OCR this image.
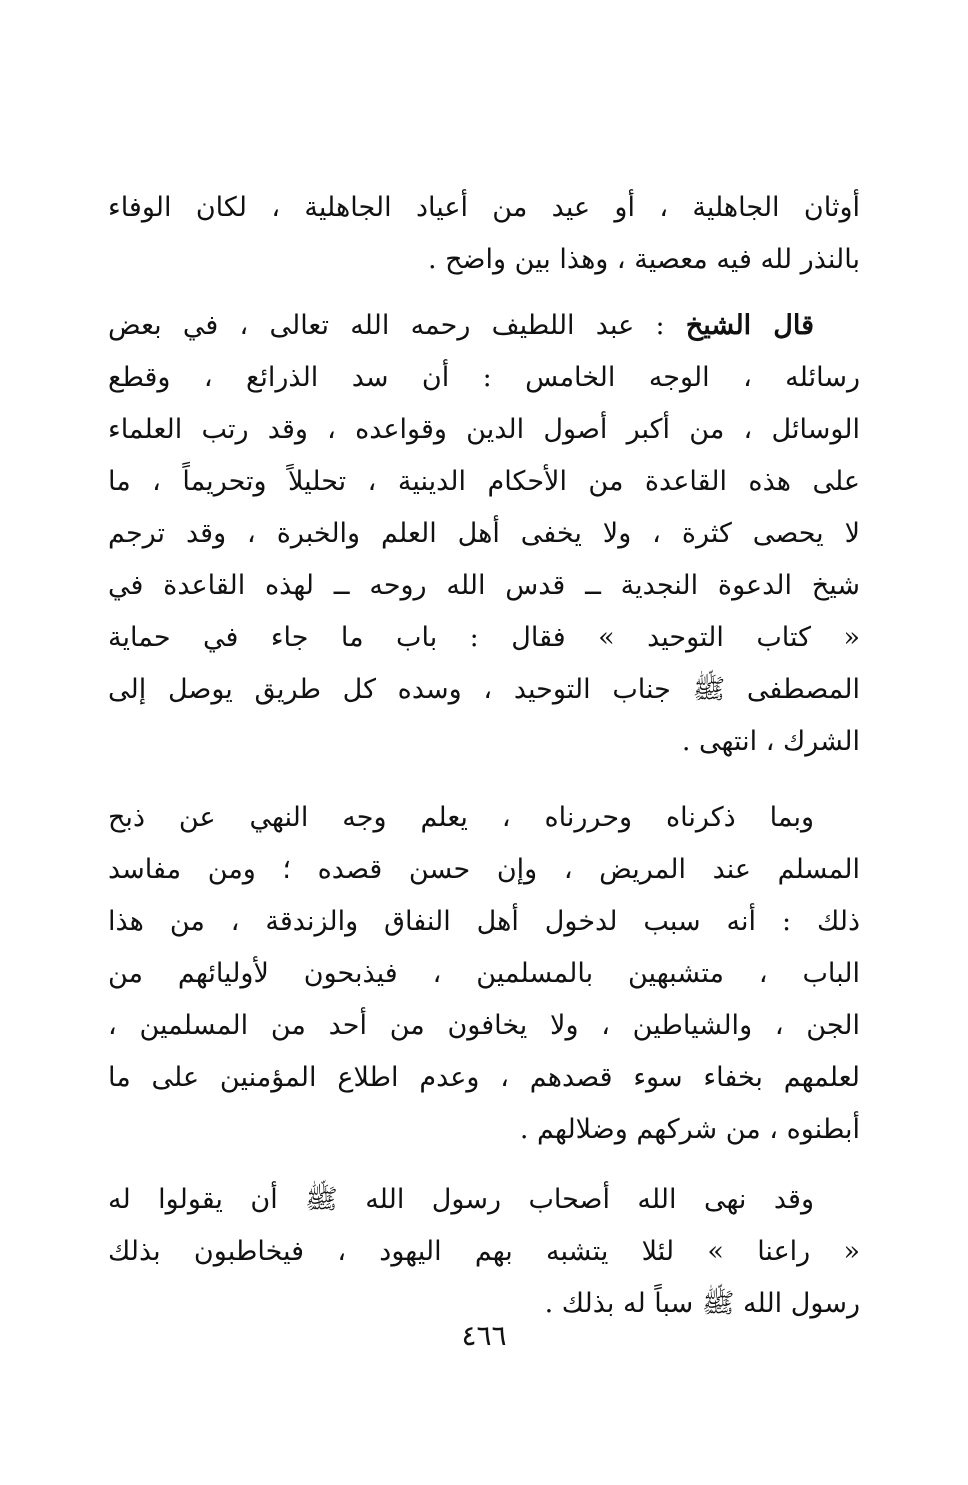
أوثان الجاهلية ، أو عيد من أعياد الجاهلية ، لكان الوفاء
بالنذر لله فيه معصية ، وهذا بين واضح .
قال الشيخ : عبد اللطيف رحمه الله تعالى ، في بعض
رسائله ، الوجه الخامس : أن سد الذرائع ، وقطع
الوسائل ، من أكبر أصول الدين وقواعده ، وقد رتب العلماء
على هذه القاعدة من الأحكام الدينية ، تحليلاً وتحريماً ، ما
لا يحصى كثرة ، ولا يخفى أهل العلم والخبرة ، وقد ترجم
شيخ الدعوة النجدية ــ قدس الله روحه ــ لهذه القاعدة في
« كتاب التوحيد » فقال : باب ما جاء في حماية
المصطفى ﷺ جناب التوحيد ، وسده كل طريق يوصل إلى
الشرك ، انتهى .
وبما ذكرناه وحررناه ، يعلم وجه النهي عن ذبح
المسلم عند المريض ، وإن حسن قصده ؛ ومن مفاسد
ذلك : أنه سبب لدخول أهل النفاق والزندقة ، من هذا
الباب ، متشبهين بالمسلمين ، فيذبحون لأوليائهم من
الجن ، والشياطين ، ولا يخافون من أحد من المسلمين ،
لعلمهم بخفاء سوء قصدهم ، وعدم اطلاع المؤمنين على ما
أبطنوه ، من شركهم وضلالهم .
وقد نهى الله أصحاب رسول الله ﷺ أن يقولوا له
« راعنا » لئلا يتشبه بهم اليهود ، فيخاطبون بذلك
رسول الله ﷺ سباً له بذلك .
٤٦٦
